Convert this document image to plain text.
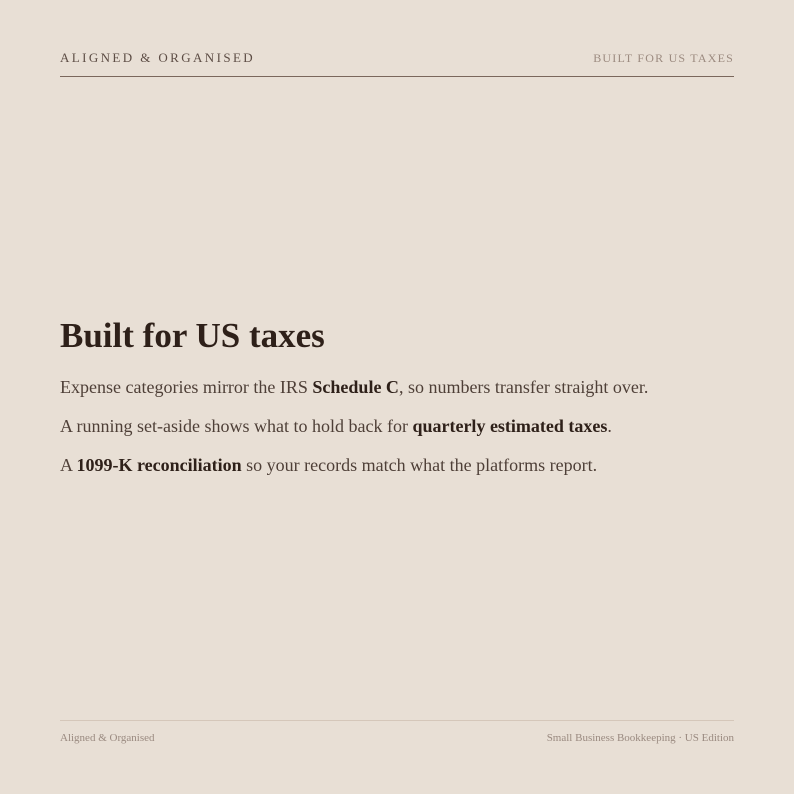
ALIGNED & ORGANISED	BUILT FOR US TAXES
Built for US taxes

Expense categories mirror the IRS Schedule C, so numbers transfer straight over.

A running set-aside shows what to hold back for quarterly estimated taxes.

A 1099-K reconciliation so your records match what the platforms report.

Aligned & Organised	Small Business Bookkeeping · US Edition
